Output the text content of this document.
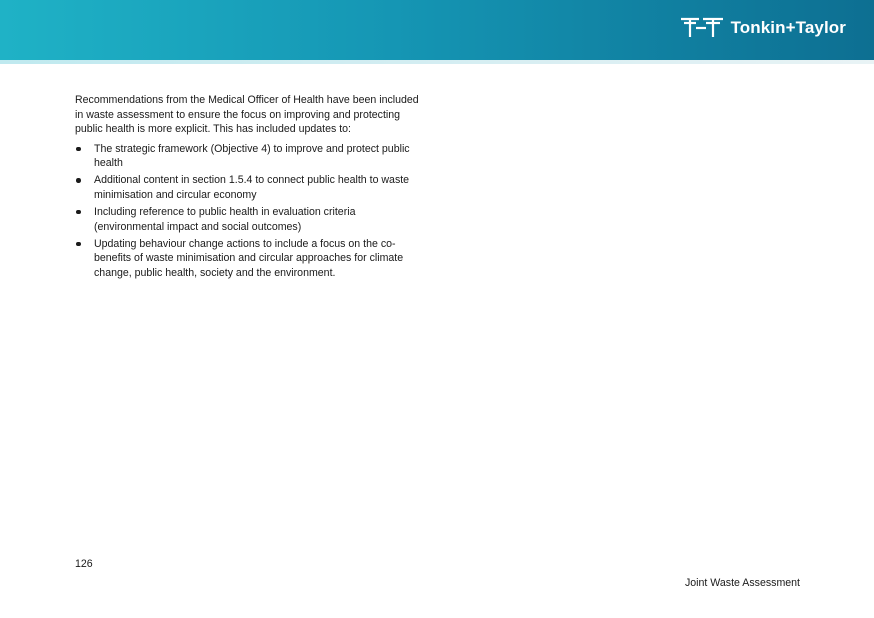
Tonkin+Taylor

Recommendations from the Medical Officer of Health have been included in waste assessment to ensure the focus on improving and protecting public health is more explicit. This has included updates to:

The strategic framework (Objective 4) to improve and protect public health
Additional content in section 1.5.4 to connect public health to waste minimisation and circular economy
Including reference to public health in evaluation criteria (environmental impact and social outcomes)
Updating behaviour change actions to include a focus on the co-benefits of waste minimisation and circular approaches for climate change, public health, society and the environment.
126
Joint Waste Assessment
